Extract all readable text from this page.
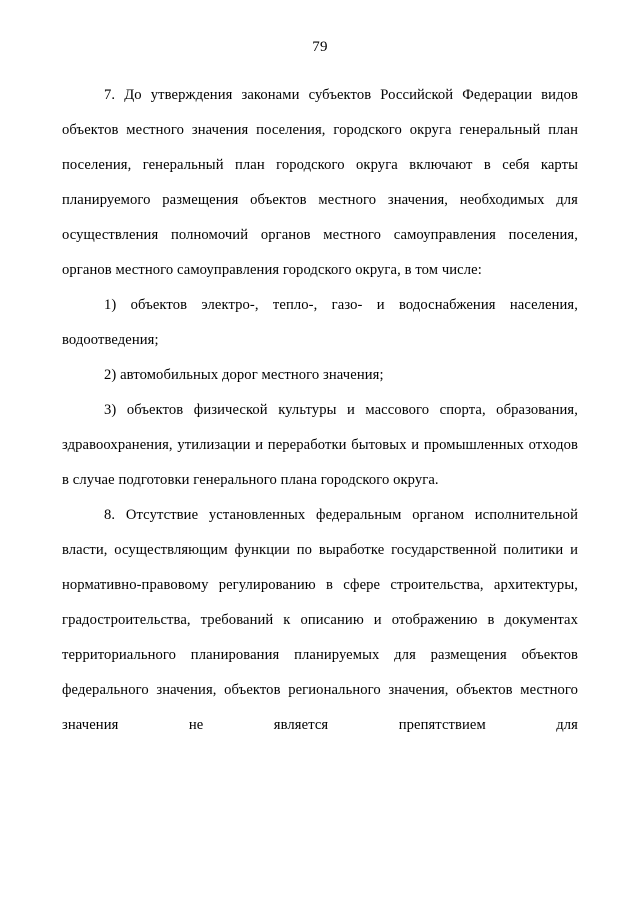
79

7. До утверждения законами субъектов Российской Федерации видов объектов местного значения поселения, городского округа генеральный план поселения, генеральный план городского округа включают в себя карты планируемого размещения объектов местного значения, необходимых для осуществления полномочий органов местного самоуправления поселения, органов местного самоуправления городского округа, в том числе:

1) объектов электро-, тепло-, газо- и водоснабжения населения, водоотведения;

2) автомобильных дорог местного значения;

3) объектов физической культуры и массового спорта, образования, здравоохранения, утилизации и переработки бытовых и промышленных отходов в случае подготовки генерального плана городского округа.

8. Отсутствие установленных федеральным органом исполнительной власти, осуществляющим функции по выработке государственной политики и нормативно-правовому регулированию в сфере строительства, архитектуры, градостроительства, требований к описанию и отображению в документах территориального планирования планируемых для размещения объектов федерального значения, объектов регионального значения, объектов местного значения не является препятствием для
